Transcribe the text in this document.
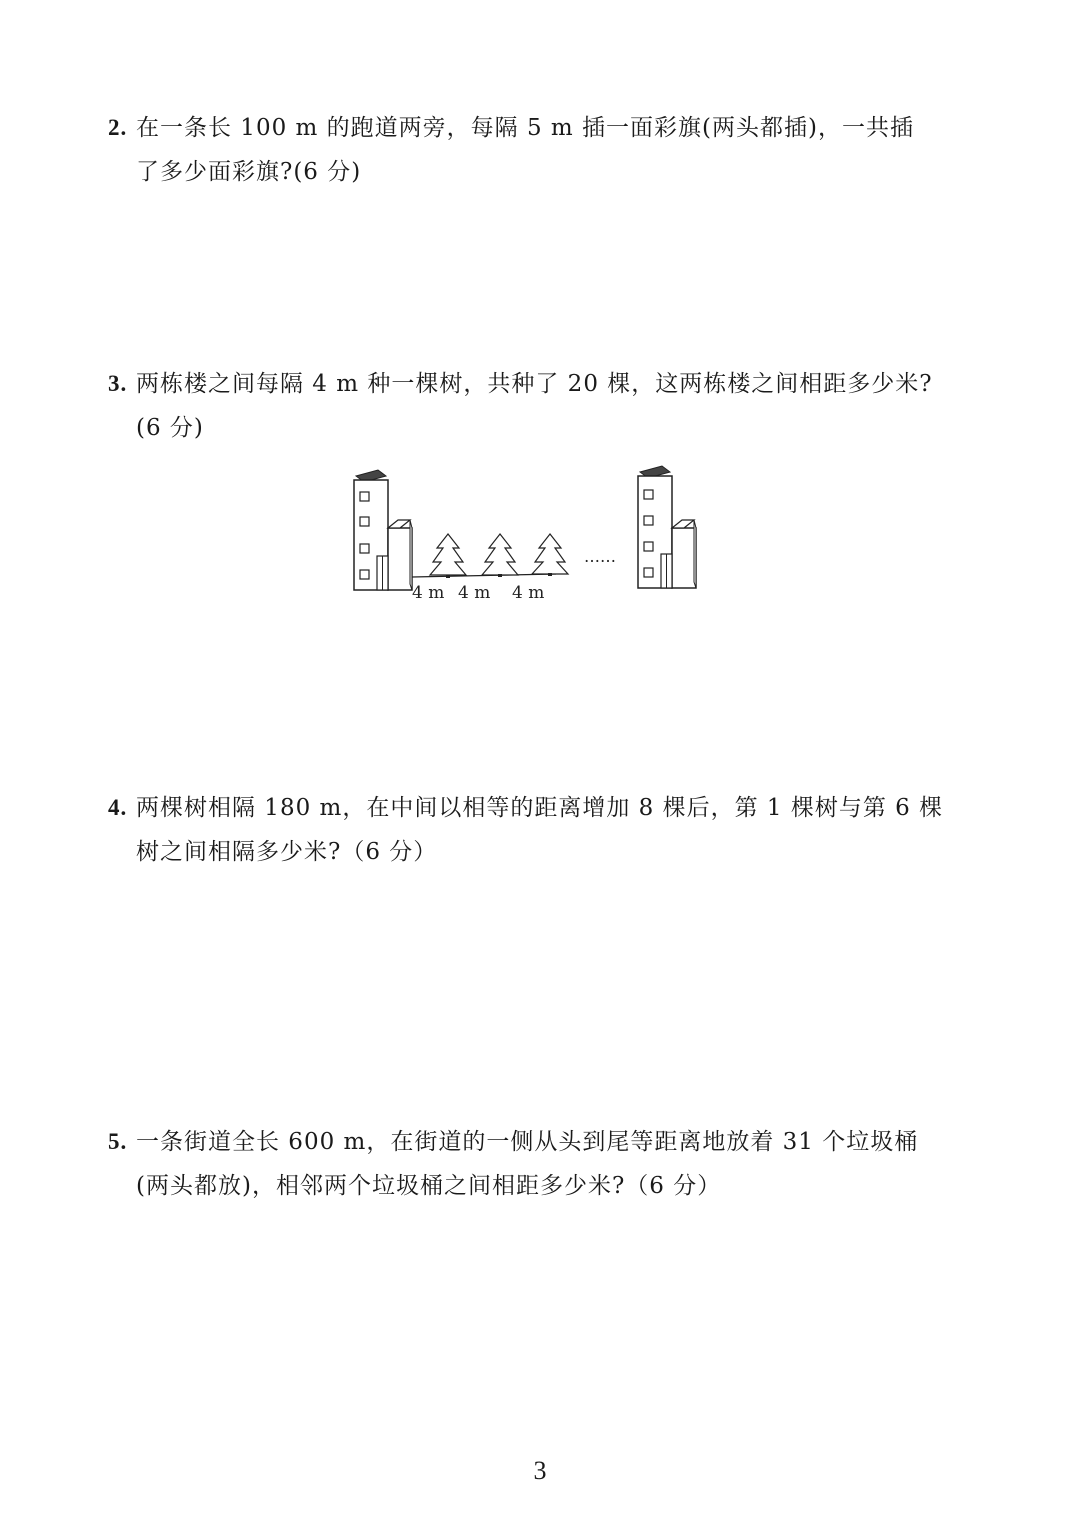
2. 在一条长 100 m 的跑道两旁，每隔 5 m 插一面彩旗(两头都插)，一共插
了多少面彩旗?(6 分)
3. 两栋楼之间每隔 4 m 种一棵树，共种了 20 棵，这两栋楼之间相距多少米?
(6 分)
……
4 m 4 m 4 m
4. 两棵树相隔 180 m，在中间以相等的距离增加 8 棵后，第 1 棵树与第 6 棵
树之间相隔多少米?（6 分）
5. 一条街道全长 600 m，在街道的一侧从头到尾等距离地放着 31 个垃圾桶
(两头都放)，相邻两个垃圾桶之间相距多少米?（6 分）
3
